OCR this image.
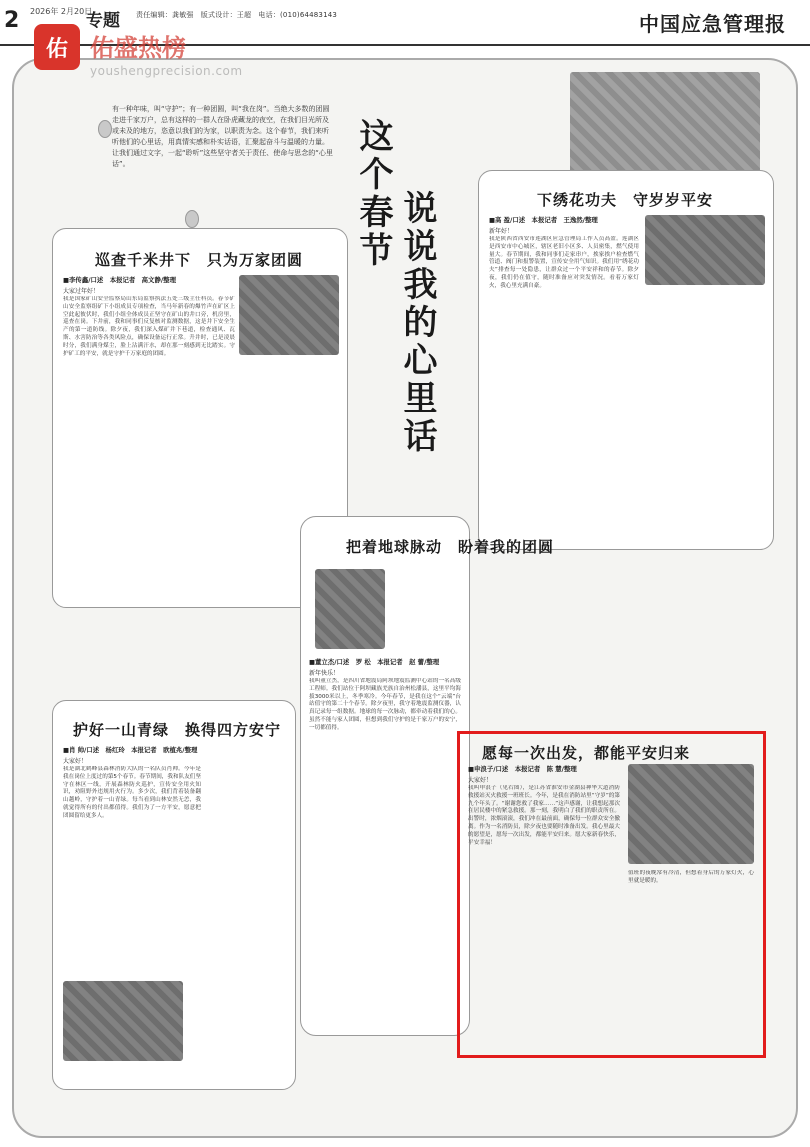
2 2026年 2月20日
专题 责任编辑：龚敏强　版式设计：王超　电话：(010)64483143	中国应急管理报
佑 佑盛热榜
youshengprecision.com
有一种年味，叫“守护”；有一种团圆，叫“我在岗”。当绝大多数的团圆走进千家万户，总有这样的一群人在卧虎藏龙的夜空，在我们目光所及或未及的地方，恣意以我们的为家，以职责为念。这个春节，我们来听听他们的心里话，用真情实感和朴实话语，汇聚起奋斗与温暖的力量。让我们通过文字，一起“聆听”这些坚守者关于责任、使命与思念的“心里话”。	这个春节 说说我的心里话
巡查千米井下　只为万家团圆
■李传鑫/口述　本报记者　高文静/整理
大家过年好！
我是国家矿山安全监察局山东局监察执法五处三级主任科员。春节矿山安全监察组矿下小组成员专项检查，当马年新春的爆竹声在矿区上空此起彼伏时，我们小组全体成员正坚守在矿山的井口旁，机房里，巡查在岗。下井前，我和同事们反复核对监测数据，这是井下安全生产的第一道防线。除夕夜，我们深入煤矿井下巷道，检查通风、瓦斯、水害防治等各类风险点，确保设备运行正常。升井时，已是凌晨时分，我们满身煤尘，脸上沾满汗水，却在那一刻感到无比踏实。守护矿工的平安，就是守护千万家庭的团圆。
下绣花功夫　守岁岁平安
■高 盈/口述　本报记者　王逸然/整理
新年好！
我是陕西省西安市莲湖区应急管理局工作人员高盈。莲湖区是西安市中心城区，辖区老旧小区多、人员密集，燃气使用量大。春节期间，我和同事们走家串户，挨家挨户检查燃气管道、阀门和报警装置，宣传安全用气知识。我们用“绣花功夫”排查每一处隐患，让群众过一个平安祥和的春节。除夕夜，我们仍在值守，随时准备应对突发情况。看着万家灯火，我心里充满自豪。
■董立杰/口述　罗 松　本报记者　赵 蕾/整理
新年快乐！
我叫董立杰，是四川省地震局阿坝地震监测中心站的一名高级工程师。我们站位于阿坝藏族羌族自治州松潘县，这里平均海拔3000米以上，冬季寒冷。今年春节，是我在这个“云端”台站值守的第二十个春节。除夕夜里，我守着地震监测仪器，认真记录每一组数据。地球的每一次脉动，都牵动着我们的心。虽然不能与家人团圆，但想到我们守护的是千家万户的安宁，一切都值得。
把着地球脉动　盼着我的团圆
护好一山青绿　换得四方安宁
■肖 帅/口述　杨红玲　本报记者　欧植兆/整理
大家好！
我是湖北鹤峰县森林消防大队的一名队员肖帅。今年是我在岗位上度过的第5个春节。春节期间，我和队友们坚守在林区一线，开展森林防火巡护，宣传安全用火知识，劝阻野外违规用火行为。多少次，我们背着装备翻山越岭，守护着一山青绿。每当看到山林安然无恙，我就觉得所有的付出都值得。我们为了一方平安，愿意把团圆留给更多人。
愿每一次出发，都能平安归来
■申浪子/口述　本报记者　陈 慧/整理
大家好！
我叫申浪子（见右图），是江苏省淮安市金湖县神华大道消防救援站灭火救援一班班长。今年，是我在消防站里“守岁”的第九个年头了。“谢谢您救了我家……”这声感谢，让我想起那次在居民楼中的紧急救援。那一刻，我明白了我们的职责所在。出警时，浓烟滚滚，我们冲在最前面，确保每一位群众安全撤离。作为一名消防员，除夕夜也要随时准备出发。我心里最大的愿望是，愿每一次出发，都能平安归来。愿大家新春快乐，平安幸福！
值班的夜晚常有冷清，但想着身后的万家灯火，心里就是暖的。
